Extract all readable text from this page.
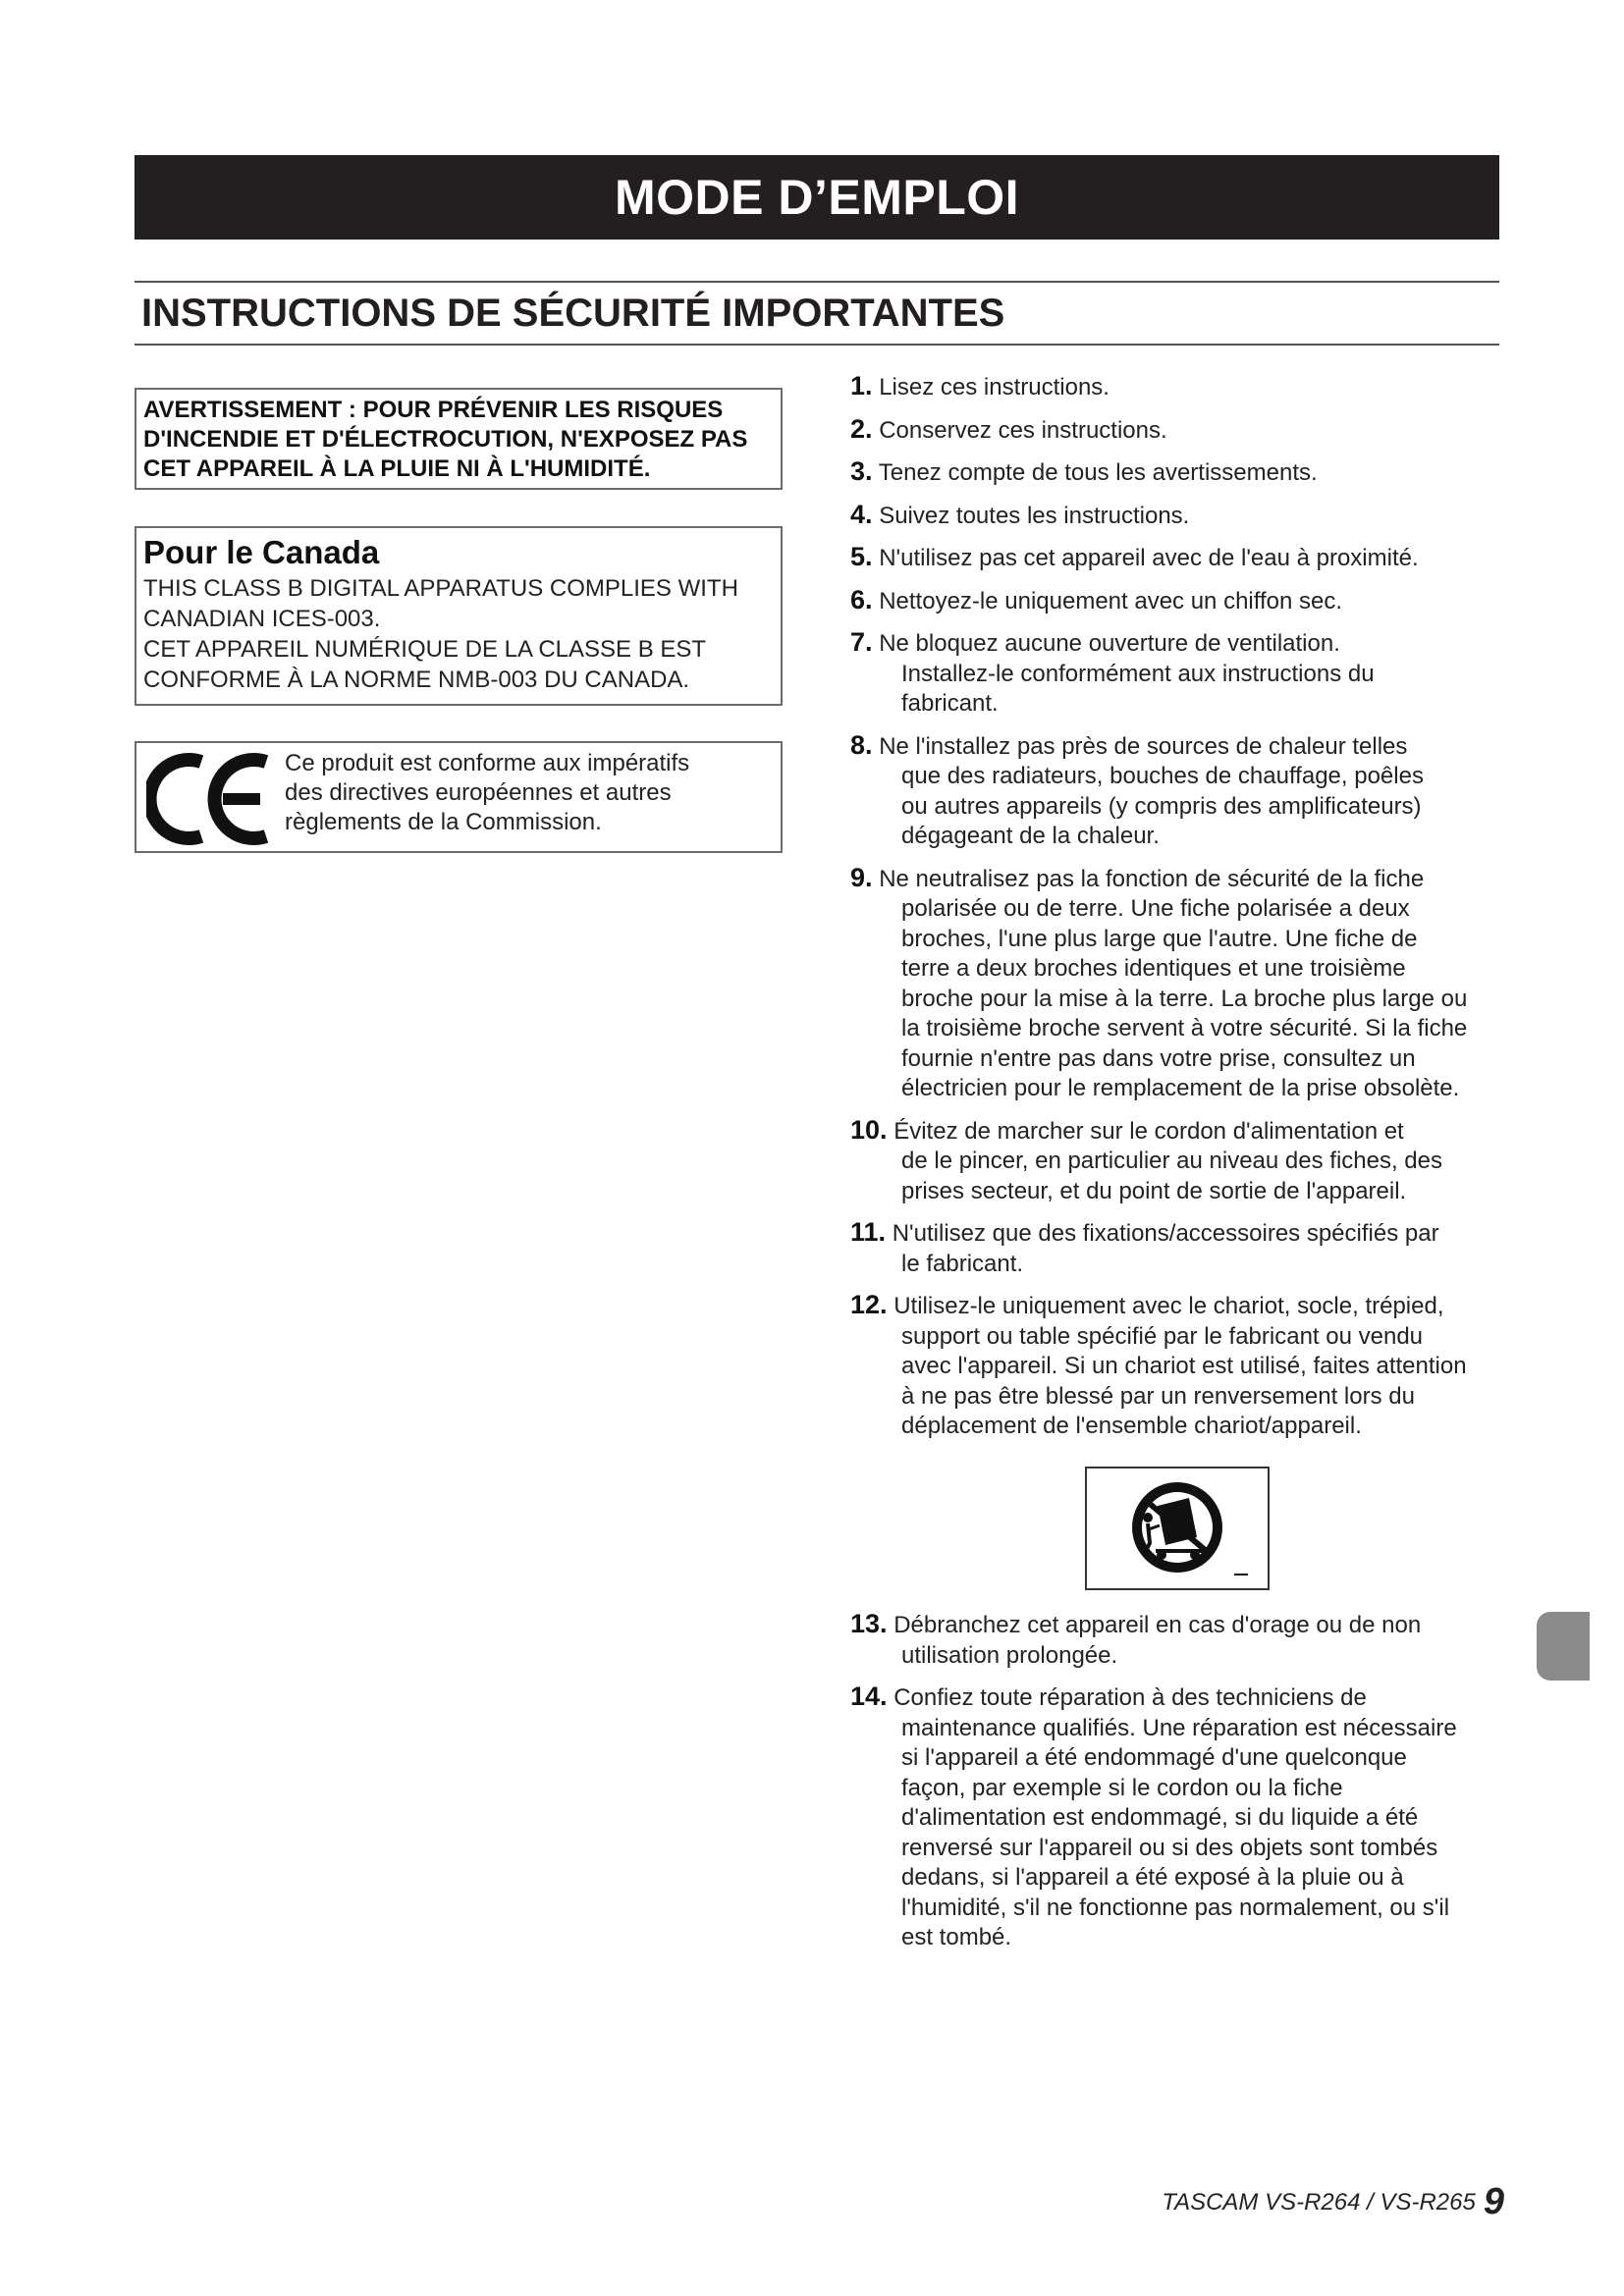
MODE D’EMPLOI
INSTRUCTIONS DE SÉCURITÉ IMPORTANTES
AVERTISSEMENT : POUR PRÉVENIR LES RISQUES
D'INCENDIE ET D'ÉLECTROCUTION, N'EXPOSEZ PAS
CET APPAREIL À LA PLUIE NI À L'HUMIDITÉ.
Pour le Canada
THIS CLASS B DIGITAL APPARATUS COMPLIES WITH
CANADIAN ICES-003.
CET APPAREIL NUMÉRIQUE DE LA CLASSE B EST
CONFORME À LA NORME NMB-003 DU CANADA.
Ce produit est conforme aux impératifs
des directives européennes et autres
règlements de la Commission.
1. Lisez ces instructions.
2. Conservez ces instructions.
3. Tenez compte de tous les avertissements.
4. Suivez toutes les instructions.
5. N'utilisez pas cet appareil avec de l'eau à proximité.
6. Nettoyez-le uniquement avec un chiffon sec.
7. Ne bloquez aucune ouverture de ventilation.
Installez-le conformément aux instructions du
fabricant.
8. Ne l'installez pas près de sources de chaleur telles
que des radiateurs, bouches de chauffage, poêles
ou autres appareils (y compris des amplificateurs)
dégageant de la chaleur.
9. Ne neutralisez pas la fonction de sécurité de la fiche
polarisée ou de terre. Une fiche polarisée a deux
broches, l'une plus large que l'autre. Une fiche de
terre a deux broches identiques et une troisième
broche pour la mise à la terre. La broche plus large ou
la troisième broche servent à votre sécurité. Si la fiche
fournie n'entre pas dans votre prise, consultez un
électricien pour le remplacement de la prise obsolète.
10. Évitez de marcher sur le cordon d'alimentation et
de le pincer, en particulier au niveau des fiches, des
prises secteur, et du point de sortie de l'appareil.
11. N'utilisez que des fixations/accessoires spécifiés par
le fabricant.
12. Utilisez-le uniquement avec le chariot, socle, trépied,
support ou table spécifié par le fabricant ou vendu
avec l'appareil. Si un chariot est utilisé, faites attention
à ne pas être blessé par un renversement lors du
déplacement de l'ensemble chariot/appareil.
13. Débranchez cet appareil en cas d'orage ou de non
utilisation prolongée.
14. Confiez toute réparation à des techniciens de
maintenance qualifiés. Une réparation est nécessaire
si l'appareil a été endommagé d'une quelconque
façon, par exemple si le cordon ou la fiche
d'alimentation est endommagé, si du liquide a été
renversé sur l'appareil ou si des objets sont tombés
dedans, si l'appareil a été exposé à la pluie ou à
l'humidité, s'il ne fonctionne pas normalement, ou s'il
est tombé.
TASCAM VS-R264 / VS-R265 9
